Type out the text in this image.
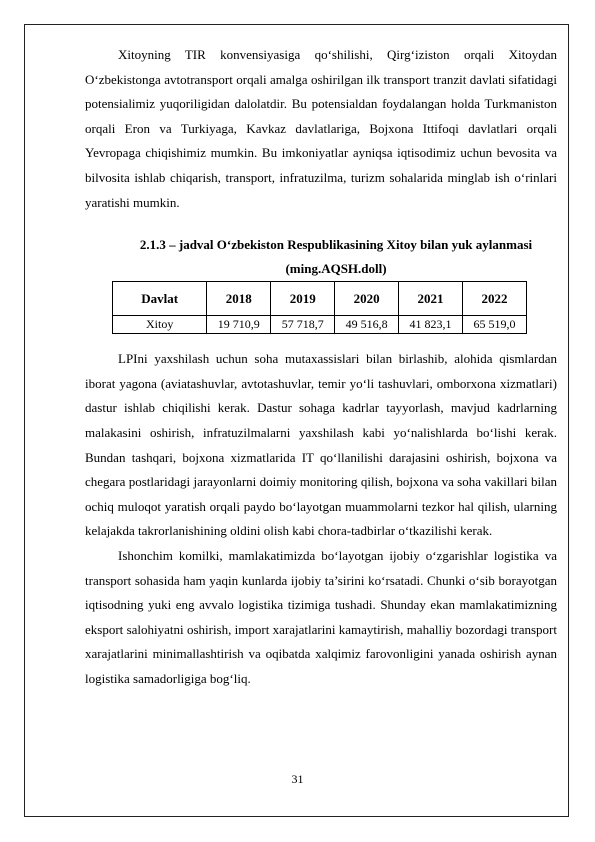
Xitoyning TIR konvensiyasiga qo‘shilishi, Qirg‘iziston orqali Xitoydan O‘zbekistonga avtotransport orqali amalga oshirilgan ilk transport tranzit davlati sifatidagi potensialimiz yuqoriligidan dalolatdir. Bu potensialdan foydalangan holda Turkmaniston orqali Eron va Turkiyaga, Kavkaz davlatlariga, Bojxona Ittifoqi davlatlari orqali Yevropaga chiqishimiz mumkin. Bu imkoniyatlar ayniqsa iqtisodimiz uchun bevosita va bilvosita ishlab chiqarish, transport, infratuzilma, turizm sohalarida minglab ish o‘rinlari yaratishi mumkin.

2.1.3 – jadval O‘zbekiston Respublikasining Xitoy bilan yuk aylanmasi
(ming.AQSH.doll)
Davlat	2018	2019	2020	2021	2022
Xitoy	19 710,9	57 718,7	49 516,8	41 823,1	65 519,0

LPIni yaxshilash uchun soha mutaxassislari bilan birlashib, alohida qismlardan iborat yagona (aviatashuvlar, avtotashuvlar, temir yo‘li tashuvlari, omborxona xizmatlari) dastur ishlab chiqilishi kerak. Dastur sohaga kadrlar tayyorlash, mavjud kadrlarning malakasini oshirish, infratuzilmalarni yaxshilash kabi yo‘nalishlarda bo‘lishi kerak. Bundan tashqari, bojxona xizmatlarida IT qo‘llanilishi darajasini oshirish, bojxona va chegara postlaridagi jarayonlarni doimiy monitoring qilish, bojxona va soha vakillari bilan ochiq muloqot yaratish orqali paydo bo‘layotgan muammolarni tezkor hal qilish, ularning kelajakda takrorlanishining oldini olish kabi chora-tadbirlar o‘tkazilishi kerak.

Ishonchim komilki, mamlakatimizda bo‘layotgan ijobiy o‘zgarishlar logistika va transport sohasida ham yaqin kunlarda ijobiy ta’sirini ko‘rsatadi. Chunki o‘sib borayotgan iqtisodning yuki eng avvalo logistika tizimiga tushadi. Shunday ekan mamlakatimizning eksport salohiyatni oshirish, import xarajatlarini kamaytirish, mahalliy bozordagi transport xarajatlarini minimallashtirish va oqibatda xalqimiz farovonligini yanada oshirish aynan logistika samadorligiga bog‘liq.

31
